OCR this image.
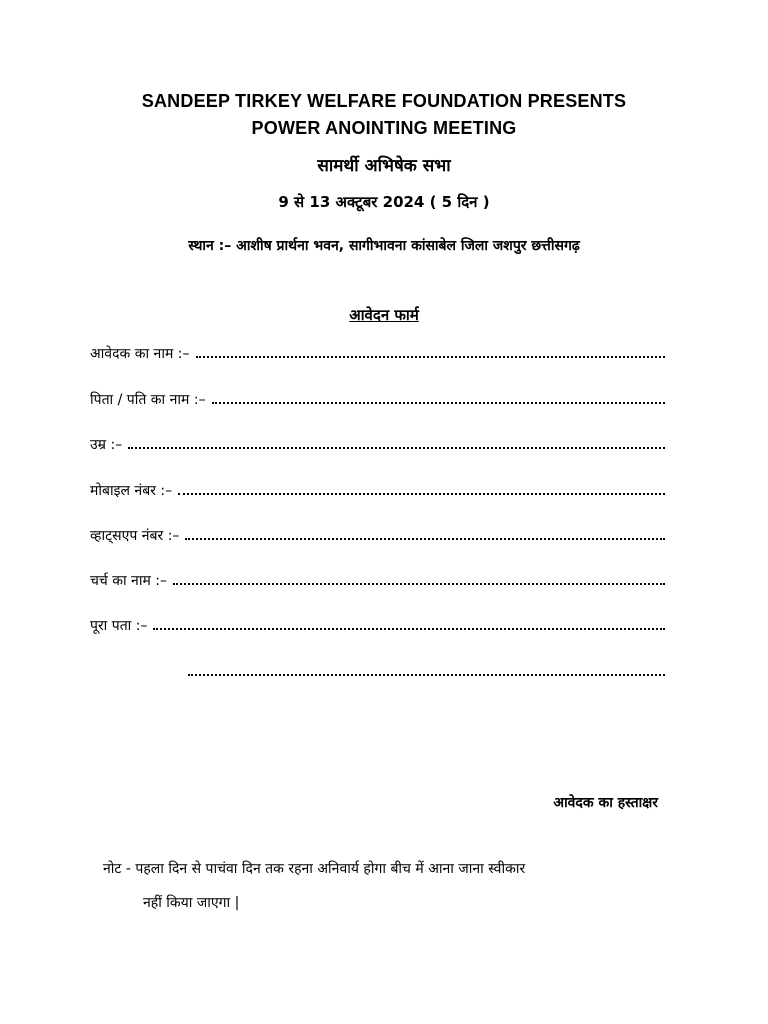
SANDEEP TIRKEY WELFARE FOUNDATION PRESENTS
POWER ANOINTING MEETING
सामर्थी अभिषेक सभा
9 से 13 अक्टूबर 2024 ( 5 दिन )
स्थान :– आशीष प्रार्थना भवन, सागीभावना कांसाबेल जिला जशपुर छत्तीसगढ़
आवेदन फार्म
आवेदक का नाम :–
पिता / पति का नाम :–
उम्र :–
मोबाइल नंबर :–
व्हाट्सएप नंबर :–
चर्च का नाम :–
पूरा पता :–
आवेदक का हस्ताक्षर
नोट - पहला दिन से पाचंवा दिन तक रहना अनिवार्य होगा बीच में आना जाना स्वीकार
नहीं किया जाएगा |
